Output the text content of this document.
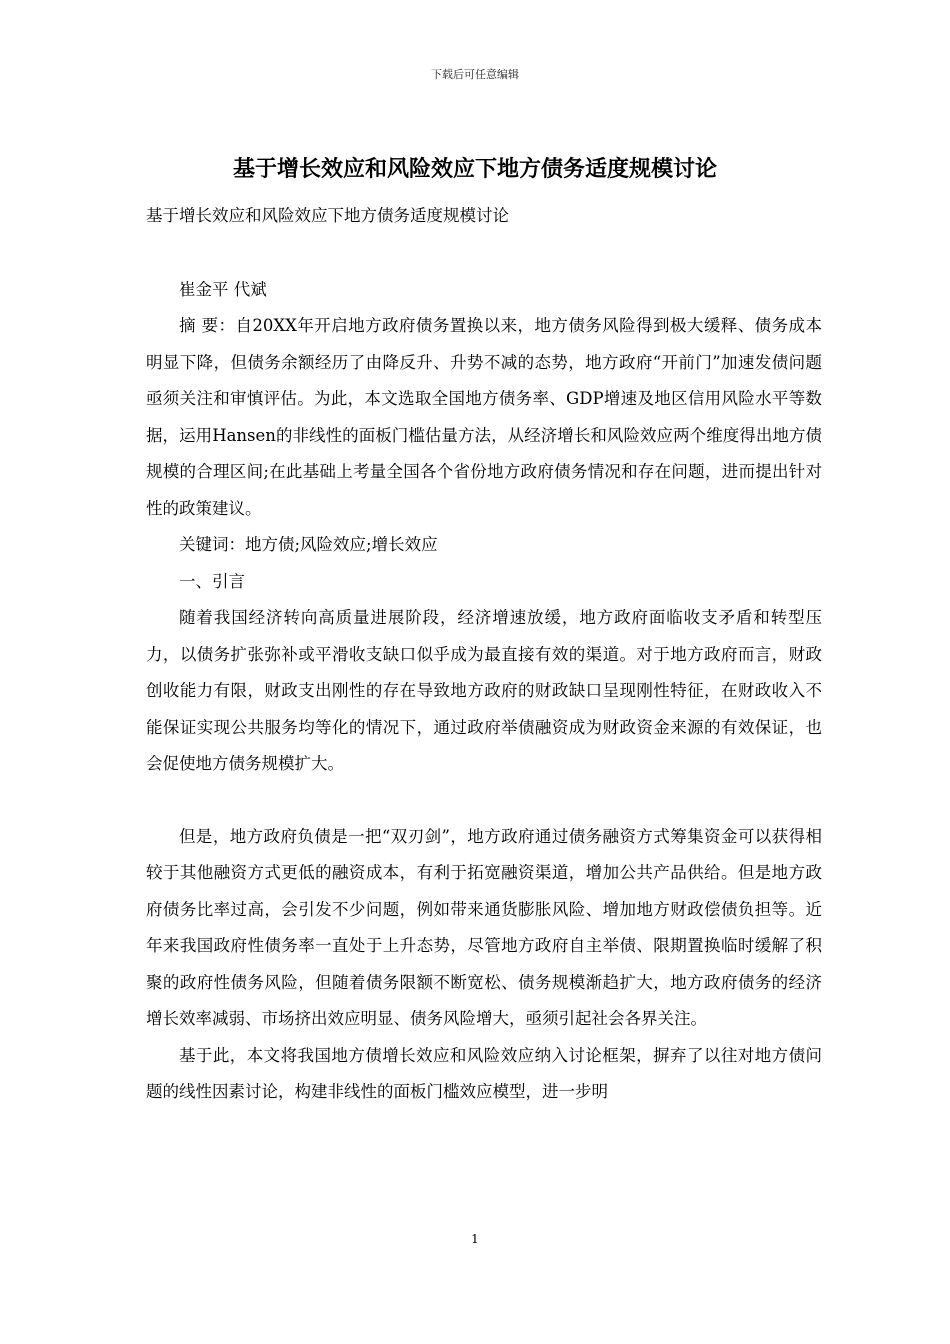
下载后可任意编辑
基于增长效应和风险效应下地方债务适度规模讨论

基于增长效应和风险效应下地方债务适度规模讨论

崔金平 代斌

摘 要：自20XX年开启地方政府债务置换以来，地方债务风险得到极大缓释、债务成本明显下降，但债务余额经历了由降反升、升势不减的态势，地方政府“开前门”加速发债问题亟须关注和审慎评估。为此，本文选取全国地方债务率、GDP增速及地区信用风险水平等数据，运用Hansen的非线性的面板门槛估量方法，从经济增长和风险效应两个维度得出地方债规模的合理区间;在此基础上考量全国各个省份地方政府债务情况和存在问题，进而提出针对性的政策建议。

关键词：地方债;风险效应;增长效应

一、引言

随着我国经济转向高质量进展阶段，经济增速放缓，地方政府面临收支矛盾和转型压力，以债务扩张弥补或平滑收支缺口似乎成为最直接有效的渠道。对于地方政府而言，财政创收能力有限，财政支出刚性的存在导致地方政府的财政缺口呈现刚性特征，在财政收入不能保证实现公共服务均等化的情况下，通过政府举债融资成为财政资金来源的有效保证，也会促使地方债务规模扩大。

但是，地方政府负债是一把“双刃剑”，地方政府通过债务融资方式筹集资金可以获得相较于其他融资方式更低的融资成本，有利于拓宽融资渠道，增加公共产品供给。但是地方政府债务比率过高，会引发不少问题，例如带来通货膨胀风险、增加地方财政偿债负担等。近年来我国政府性债务率一直处于上升态势，尽管地方政府自主举债、限期置换临时缓解了积聚的政府性债务风险，但随着债务限额不断宽松、债务规模渐趋扩大，地方政府债务的经济增长效率减弱、市场挤出效应明显、债务风险增大，亟须引起社会各界关注。

基于此，本文将我国地方债增长效应和风险效应纳入讨论框架，摒弃了以往对地方债问题的线性因素讨论，构建非线性的面板门槛效应模型，进一步明

1
